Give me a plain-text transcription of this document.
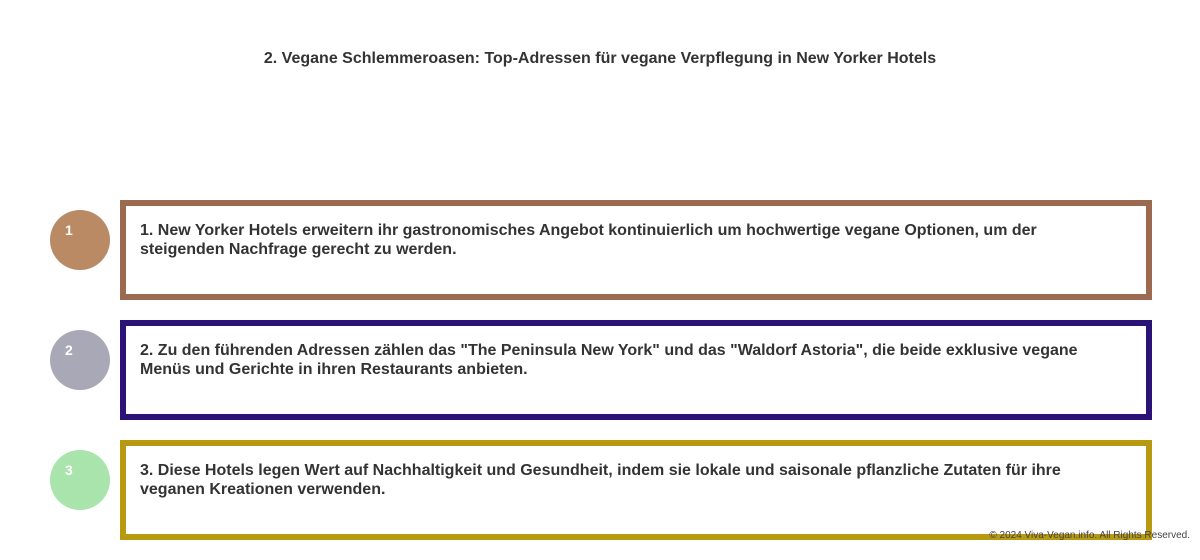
2. Vegane Schlemmeroasen: Top-Adressen für vegane Verpflegung in New Yorker Hotels
1	1. New Yorker Hotels erweitern ihr gastronomisches Angebot kontinuierlich um hochwertige vegane Optionen, um der steigenden Nachfrage gerecht zu werden.
2	2. Zu den führenden Adressen zählen das "The Peninsula New York" und das "Waldorf Astoria", die beide exklusive vegane Menüs und Gerichte in ihren Restaurants anbieten.
3	3. Diese Hotels legen Wert auf Nachhaltigkeit und Gesundheit, indem sie lokale und saisonale pflanzliche Zutaten für ihre veganen Kreationen verwenden.
© 2024 Viva-Vegan.info. All Rights Reserved.
